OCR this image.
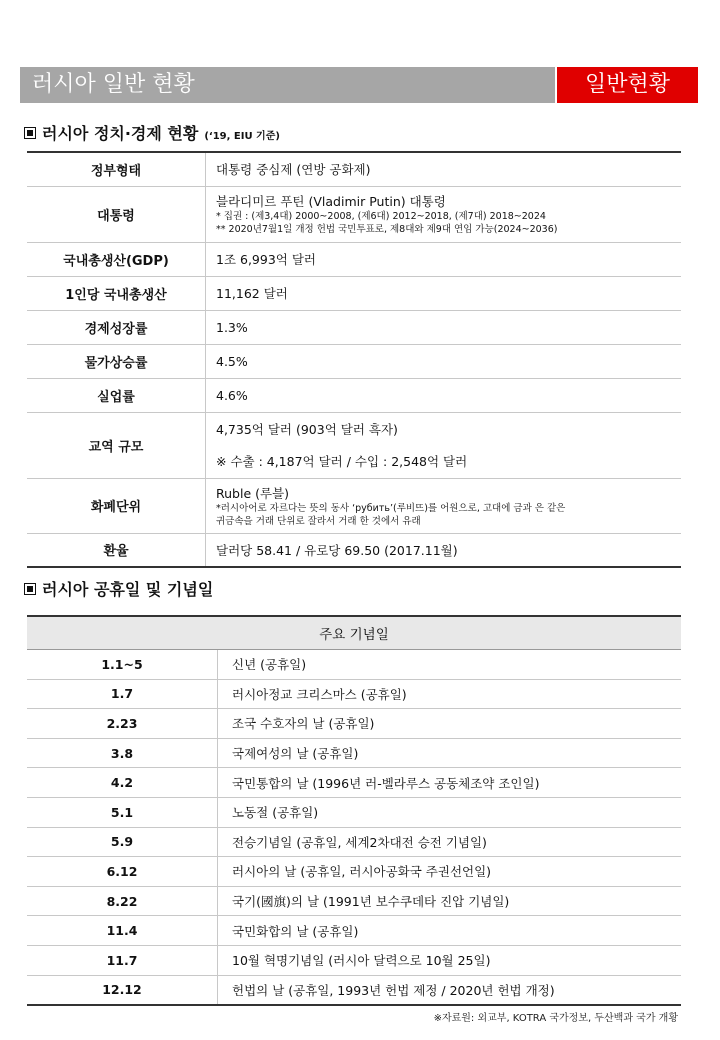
러시아 일반 현황	일반현황
러시아 정치·경제 현황 (‘19, EIU 기준)
정부형태	대통령 중심제 (연방 공화제)
대통령	블라디미르 푸틴 (Vladimir Putin) 대통령
* 집권 : (제3,4대) 2000~2008, (제6대) 2012~2018, (제7대) 2018~2024
** 2020년7월1일 개정 헌법 국민투표로, 제8대와 제9대 연임 가능(2024~2036)

국내총생산(GDP)	1조 6,993억 달러
1인당 국내총생산	11,162 달러
경제성장률	1.3%
물가상승률	4.5%
실업률	4.6%
교역 규모	4,735억 달러 (903억 달러 흑자)
※ 수출 : 4,187억 달러 / 수입 : 2,548억 달러

화폐단위	Ruble (루블)
*러시아어로 자르다는 뜻의 동사 ‘рубить’(루비뜨)를 어원으로, 고대에 금과 은 같은
귀금속을 거래 단위로 잘라서 거래 한 것에서 유래

환율	달러당 58.41 / 유로당 69.50 (2017.11월)
러시아 공휴일 및 기념일
주요 기념일	
1.1~5	신년 (공휴일)
1.7	러시아정교 크리스마스 (공휴일)
2.23	조국 수호자의 날 (공휴일)
3.8	국제여성의 날 (공휴일)
4.2	국민통합의 날 (1996년 러-벨라루스 공동체조약 조인일)
5.1	노동절 (공휴일)
5.9	전승기념일 (공휴일, 세계2차대전 승전 기념일)
6.12	러시아의 날 (공휴일, 러시아공화국 주권선언일)
8.22	국기(國旗)의 날 (1991년 보수쿠데타 진압 기념일)
11.4	국민화합의 날 (공휴일)
11.7	10월 혁명기념일 (러시아 달력으로 10월 25일)
12.12	헌법의 날 (공휴일, 1993년 헌법 제정 / 2020년 헌법 개정)
※자료원: 외교부, KOTRA 국가정보, 두산백과 국가 개황
